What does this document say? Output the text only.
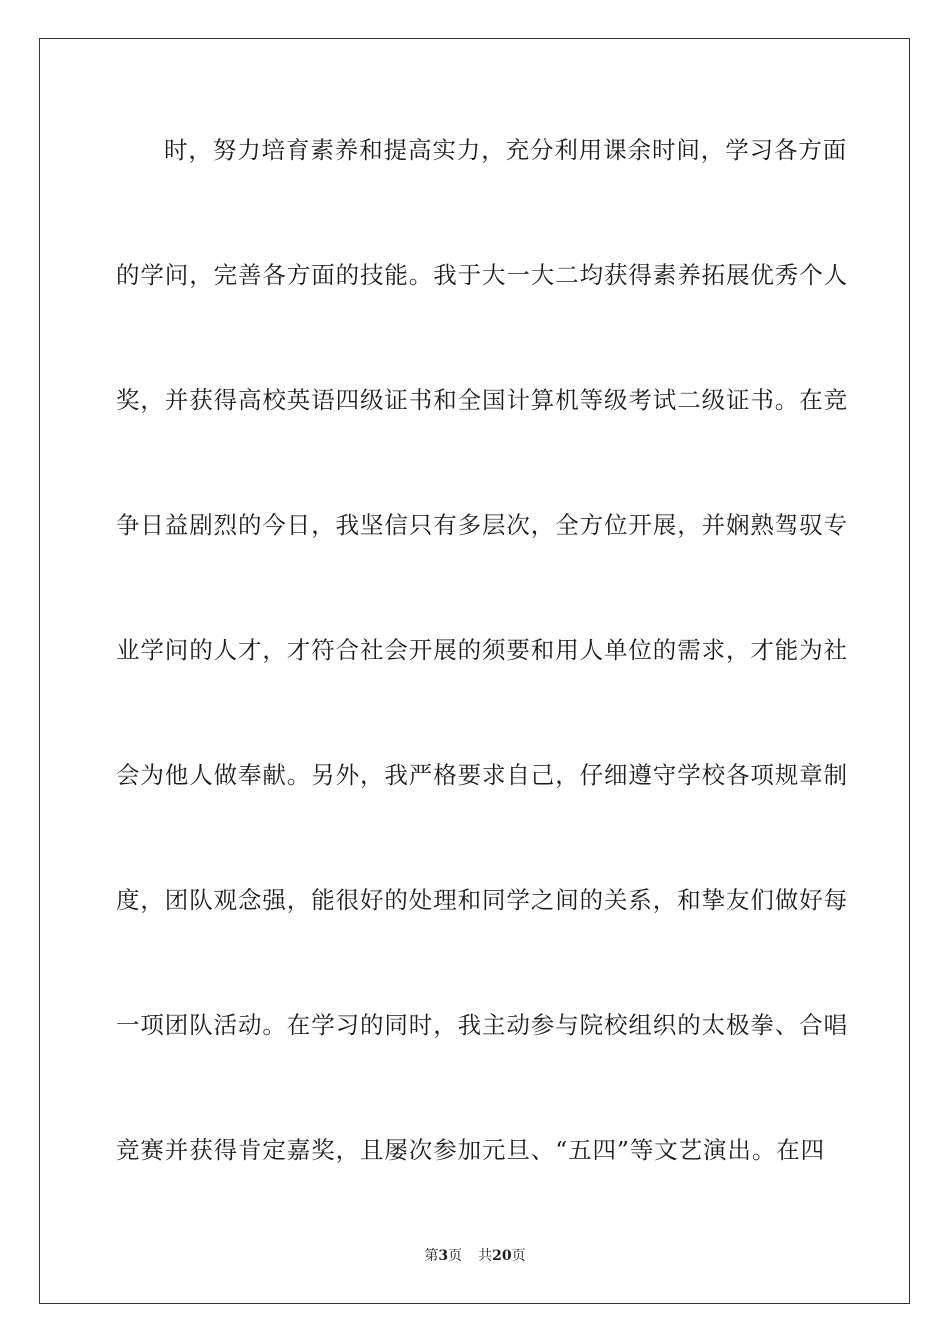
时，努力培育素养和提高实力，充分利用课余时间，学习各方面
的学问，完善各方面的技能。我于大一大二均获得素养拓展优秀个人
奖，并获得高校英语四级证书和全国计算机等级考试二级证书。在竞
争日益剧烈的今日，我坚信只有多层次，全方位开展，并娴熟驾驭专
业学问的人才，才符合社会开展的须要和用人单位的需求，才能为社
会为他人做奉献。另外，我严格要求自己，仔细遵守学校各项规章制
度，团队观念强，能很好的处理和同学之间的关系，和挚友们做好每
一项团队活动。在学习的同时，我主动参与院校组织的太极拳、合唱
竞赛并获得肯定嘉奖，且屡次参加元旦、“五四”等文艺演出。在四
第3页 共20页
